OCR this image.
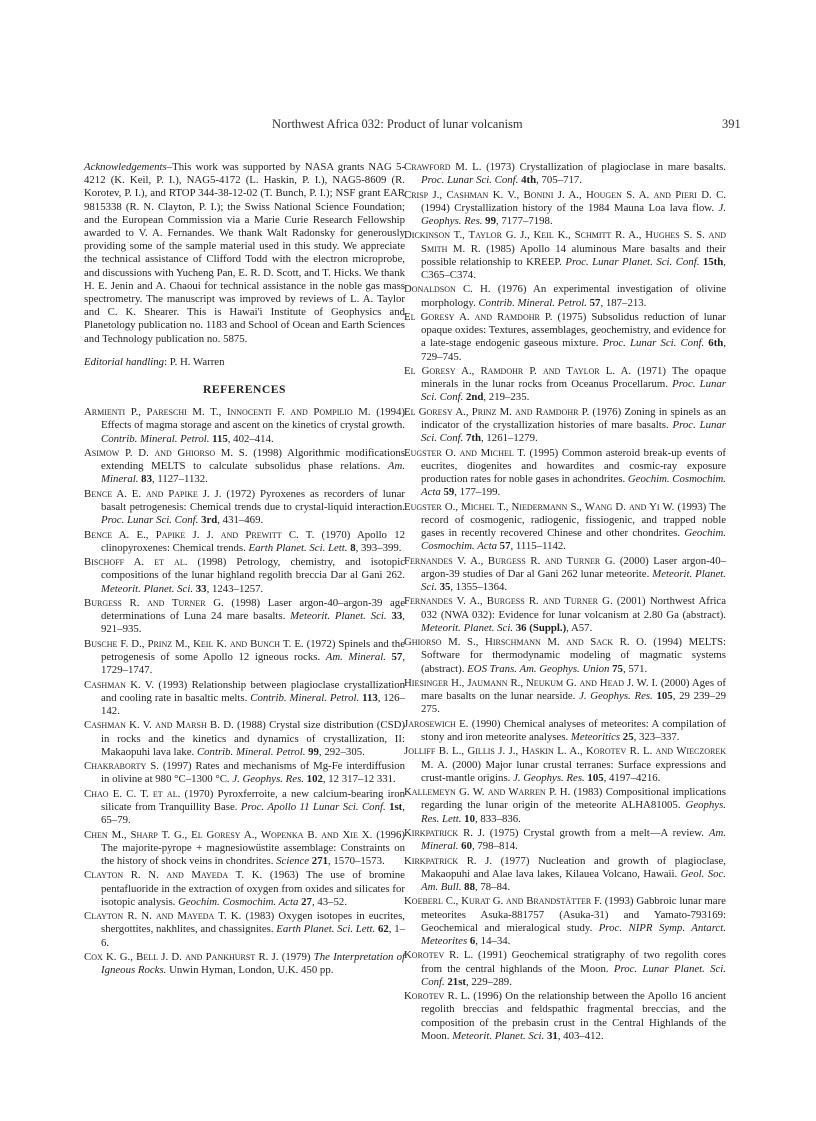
Northwest Africa 032: Product of lunar volcanism	391

Acknowledgements–This work was supported by NASA grants NAG 5-4212 (K. Keil, P. I.), NAG5-4172 (L. Haskin, P. I.), NAG5-8609 (R. Korotev, P. I.), and RTOP 344-38-12-02 (T. Bunch, P. I.); NSF grant EAR 9815338 (R. N. Clayton, P. I.); the Swiss National Science Foundation; and the European Commission via a Marie Curie Research Fellowship awarded to V. A. Fernandes. We thank Walt Radonsky for generously providing some of the sample material used in this study. We appreciate the technical assistance of Clifford Todd with the electron microprobe, and discussions with Yucheng Pan, E. R. D. Scott, and T. Hicks. We thank H. E. Jenin and A. Chaoui for technical assistance in the noble gas mass spectrometry. The manuscript was improved by reviews of L. A. Taylor and C. K. Shearer. This is Hawai'i Institute of Geophysics and Planetology publication no. 1183 and School of Ocean and Earth Sciences and Technology publication no. 5875.

Editorial handling: P. H. Warren

REFERENCES

Armienti P., Pareschi M. T., Innocenti F. and Pompilio M. (1994) Effects of magma storage and ascent on the kinetics of crystal growth. Contrib. Mineral. Petrol. 115, 402–414.

Asimow P. D. and Ghiorso M. S. (1998) Algorithmic modifications extending MELTS to calculate subsolidus phase relations. Am. Mineral. 83, 1127–1132.

Bence A. E. and Papike J. J. (1972) Pyroxenes as recorders of lunar basalt petrogenesis: Chemical trends due to crystal-liquid interaction. Proc. Lunar Sci. Conf. 3rd, 431–469.

Bence A. E., Papike J. J. and Prewitt C. T. (1970) Apollo 12 clinopyroxenes: Chemical trends. Earth Planet. Sci. Lett. 8, 393–399.

Bischoff A. et al. (1998) Petrology, chemistry, and isotopic compositions of the lunar highland regolith breccia Dar al Gani 262. Meteorit. Planet. Sci. 33, 1243–1257.

Burgess R. and Turner G. (1998) Laser argon-40–argon-39 age determinations of Luna 24 mare basalts. Meteorit. Planet. Sci. 33, 921–935.

Busche F. D., Prinz M., Keil K. and Bunch T. E. (1972) Spinels and the petrogenesis of some Apollo 12 igneous rocks. Am. Mineral. 57, 1729–1747.

Cashman K. V. (1993) Relationship between plagioclase crystallization and cooling rate in basaltic melts. Contrib. Mineral. Petrol. 113, 126–142.

Cashman K. V. and Marsh B. D. (1988) Crystal size distribution (CSD) in rocks and the kinetics and dynamics of crystallization, II: Makaopuhi lava lake. Contrib. Mineral. Petrol. 99, 292–305.

Chakraborty S. (1997) Rates and mechanisms of Mg-Fe interdiffusion in olivine at 980 °C–1300 °C. J. Geophys. Res. 102, 12 317–12 331.

Chao E. C. T. et al. (1970) Pyroxferroite, a new calcium-bearing iron silicate from Tranquillity Base. Proc. Apollo 11 Lunar Sci. Conf. 1st, 65–79.

Chen M., Sharp T. G., El Goresy A., Wopenka B. and Xie X. (1996) The majorite-pyrope + magnesiowüstite assemblage: Constraints on the history of shock veins in chondrites. Science 271, 1570–1573.

Clayton R. N. and Mayeda T. K. (1963) The use of bromine pentafluoride in the extraction of oxygen from oxides and silicates for isotopic analysis. Geochim. Cosmochim. Acta 27, 43–52.

Clayton R. N. and Mayeda T. K. (1983) Oxygen isotopes in eucrites, shergottites, nakhlites, and chassignites. Earth Planet. Sci. Lett. 62, 1–6.

Cox K. G., Bell J. D. and Pankhurst R. J. (1979) The Interpretation of Igneous Rocks. Unwin Hyman, London, U.K. 450 pp.

Crawford M. L. (1973) Crystallization of plagioclase in mare basalts. Proc. Lunar Sci. Conf. 4th, 705–717.

Crisp J., Cashman K. V., Bonini J. A., Hougen S. A. and Pieri D. C. (1994) Crystallization history of the 1984 Mauna Loa lava flow. J. Geophys. Res. 99, 7177–7198.

Dickinson T., Taylor G. J., Keil K., Schmitt R. A., Hughes S. S. and Smith M. R. (1985) Apollo 14 aluminous Mare basalts and their possible relationship to KREEP. Proc. Lunar Planet. Sci. Conf. 15th, C365–C374.

Donaldson C. H. (1976) An experimental investigation of olivine morphology. Contrib. Mineral. Petrol. 57, 187–213.

El Goresy A. and Ramdohr P. (1975) Subsolidus reduction of lunar opaque oxides: Textures, assemblages, geochemistry, and evidence for a late-stage endogenic gaseous mixture. Proc. Lunar Sci. Conf. 6th, 729–745.

El Goresy A., Ramdohr P. and Taylor L. A. (1971) The opaque minerals in the lunar rocks from Oceanus Procellarum. Proc. Lunar Sci. Conf. 2nd, 219–235.

El Goresy A., Prinz M. and Ramdohr P. (1976) Zoning in spinels as an indicator of the crystallization histories of mare basalts. Proc. Lunar Sci. Conf. 7th, 1261–1279.

Eugster O. and Michel T. (1995) Common asteroid break-up events of eucrites, diogenites and howardites and cosmic-ray exposure production rates for noble gases in achondrites. Geochim. Cosmochim. Acta 59, 177–199.

Eugster O., Michel T., Niedermann S., Wang D. and Yi W. (1993) The record of cosmogenic, radiogenic, fissiogenic, and trapped noble gases in recently recovered Chinese and other chondrites. Geochim. Cosmochim. Acta 57, 1115–1142.

Fernandes V. A., Burgess R. and Turner G. (2000) Laser argon-40–argon-39 studies of Dar al Gani 262 lunar meteorite. Meteorit. Planet. Sci. 35, 1355–1364.

Fernandes V. A., Burgess R. and Turner G. (2001) Northwest Africa 032 (NWA 032): Evidence for lunar volcanism at 2.80 Ga (abstract). Meteorit. Planet. Sci. 36 (Suppl.), A57.

Ghiorso M. S., Hirschmann M. and Sack R. O. (1994) MELTS: Software for thermodynamic modeling of magmatic systems (abstract). EOS Trans. Am. Geophys. Union 75, 571.

Hiesinger H., Jaumann R., Neukum G. and Head J. W. I. (2000) Ages of mare basalts on the lunar nearside. J. Geophys. Res. 105, 29 239–29 275.

Jarosewich E. (1990) Chemical analyses of meteorites: A compilation of stony and iron meteorite analyses. Meteoritics 25, 323–337.

Jolliff B. L., Gillis J. J., Haskin L. A., Korotev R. L. and Wieczorek M. A. (2000) Major lunar crustal terranes: Surface expressions and crust-mantle origins. J. Geophys. Res. 105, 4197–4216.

Kallemeyn G. W. and Warren P. H. (1983) Compositional implications regarding the lunar origin of the meteorite ALHA81005. Geophys. Res. Lett. 10, 833–836.

Kirkpatrick R. J. (1975) Crystal growth from a melt—A review. Am. Mineral. 60, 798–814.

Kirkpatrick R. J. (1977) Nucleation and growth of plagioclase, Makaopuhi and Alae lava lakes, Kilauea Volcano, Hawaii. Geol. Soc. Am. Bull. 88, 78–84.

Koeberl C., Kurat G. and Brandstätter F. (1993) Gabbroic lunar mare meteorites Asuka-881757 (Asuka-31) and Yamato-793169: Geochemical and mieralogical study. Proc. NIPR Symp. Antarct. Meteorites 6, 14–34.

Korotev R. L. (1991) Geochemical stratigraphy of two regolith cores from the central highlands of the Moon. Proc. Lunar Planet. Sci. Conf. 21st, 229–289.

Korotev R. L. (1996) On the relationship between the Apollo 16 ancient regolith breccias and feldspathic fragmental breccias, and the composition of the prebasin crust in the Central Highlands of the Moon. Meteorit. Planet. Sci. 31, 403–412.
